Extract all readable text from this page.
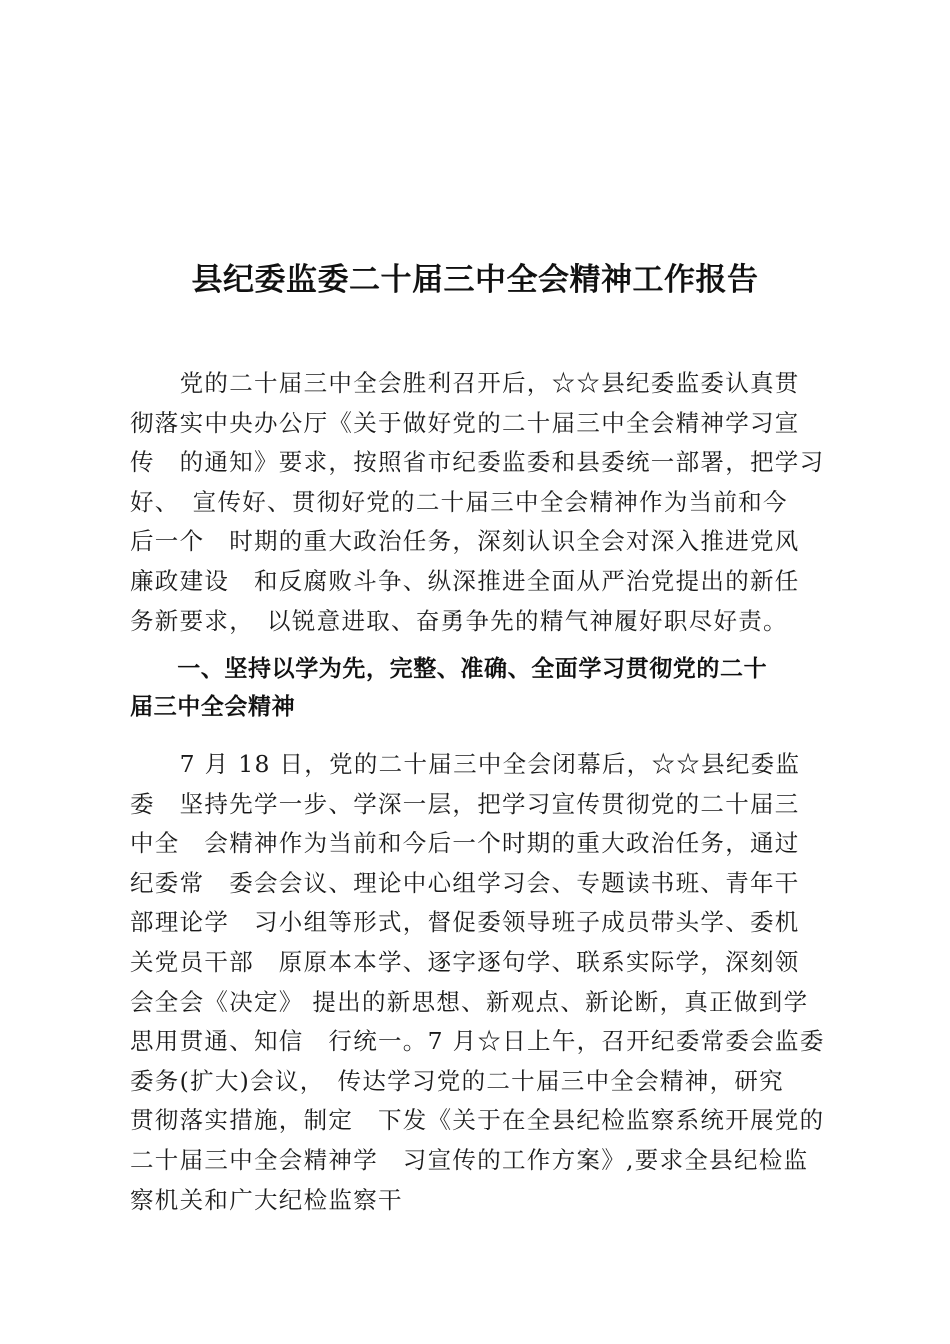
县纪委监委二十届三中全会精神工作报告
　　党的二十届三中全会胜利召开后，☆☆县纪委监委认真贯
彻落实中央办公厅《关于做好党的二十届三中全会精神学习宣
传　的通知》要求，按照省市纪委监委和县委统一部署，把学习
好、　宣传好、贯彻好党的二十届三中全会精神作为当前和今
后一个　时期的重大政治任务，深刻认识全会对深入推进党风
廉政建设　和反腐败斗争、纵深推进全面从严治党提出的新任
务新要求，　以锐意进取、奋勇争先的精气神履好职尽好责。
　　一、坚持以学为先，完整、准确、全面学习贯彻党的二十
届三中全会精神
　　7 月 18 日，党的二十届三中全会闭幕后，☆☆县纪委监
委　坚持先学一步、学深一层，把学习宣传贯彻党的二十届三
中全　会精神作为当前和今后一个时期的重大政治任务，通过
纪委常　委会会议、理论中心组学习会、专题读书班、青年干
部理论学　习小组等形式，督促委领导班子成员带头学、委机
关党员干部　原原本本学、逐字逐句学、联系实际学，深刻领
会全会《决定》 提出的新思想、新观点、新论断，真正做到学
思用贯通、知信　行统一。7 月☆日上午，召开纪委常委会监委
委务(扩大)会议，　传达学习党的二十届三中全会精神，研究
贯彻落实措施，制定　下发《关于在全县纪检监察系统开展党的
二十届三中全会精神学　习宣传的工作方案》,要求全县纪检监
察机关和广大纪检监察干
